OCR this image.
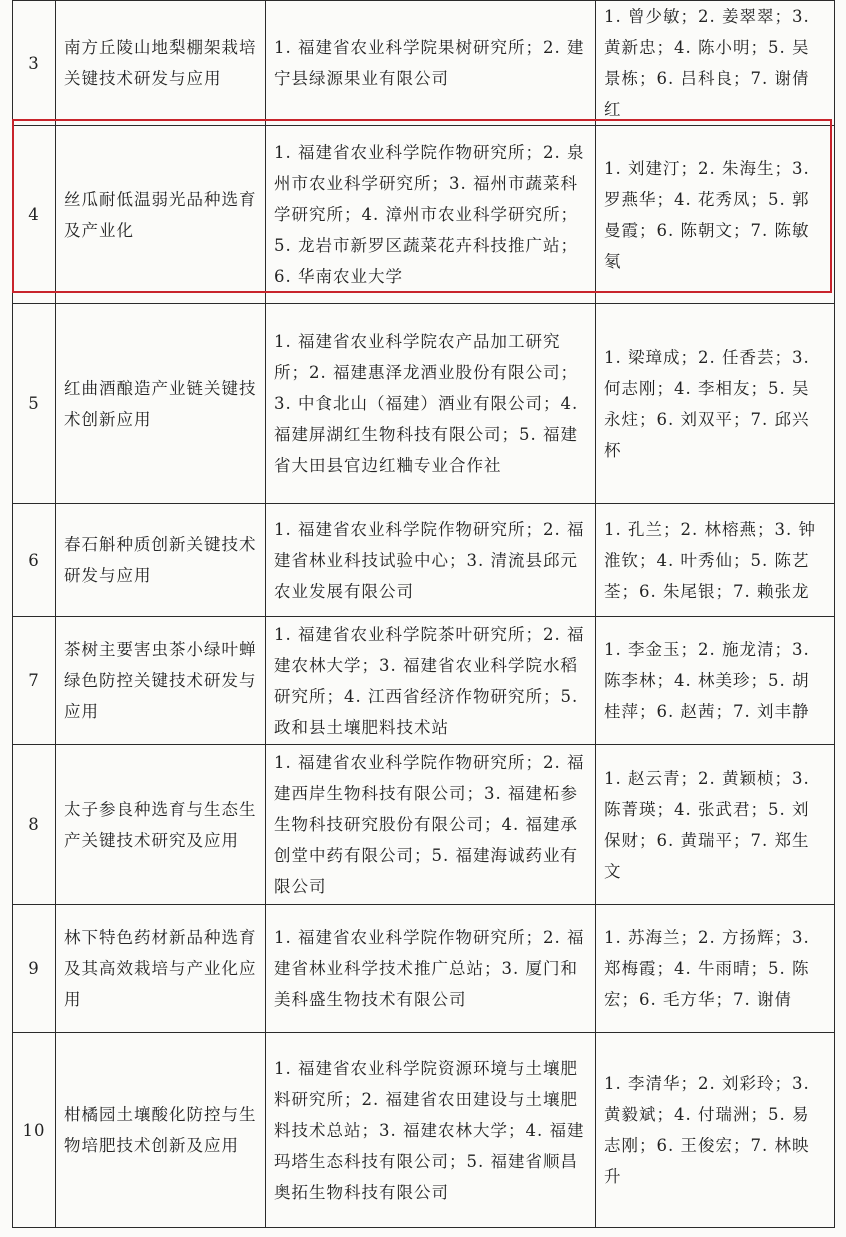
3	南方丘陵山地梨棚架栽培关键技术研发与应用	1. 福建省农业科学院果树研究所；2. 建宁县绿源果业有限公司	1. 曾少敏；2. 姜翠翠；3. 黄新忠；4. 陈小明；5. 吴景栋；6. 吕科良；7. 谢倩红
4	丝瓜耐低温弱光品种选育及产业化	1. 福建省农业科学院作物研究所；2. 泉州市农业科学研究所；3. 福州市蔬菜科学研究所；4. 漳州市农业科学研究所；5. 龙岩市新罗区蔬菜花卉科技推广站；6. 华南农业大学	1. 刘建汀；2. 朱海生；3. 罗燕华；4. 花秀凤；5. 郭曼霞；6. 陈朝文；7. 陈敏氡
5	红曲酒酿造产业链关键技术创新应用	1. 福建省农业科学院农产品加工研究所；2. 福建惠泽龙酒业股份有限公司；3. 中食北山（福建）酒业有限公司；4. 福建屏湖红生物科技有限公司；5. 福建省大田县官边红粬专业合作社	1. 梁璋成；2. 任香芸；3. 何志刚；4. 李相友；5. 吴永炷；6. 刘双平；7. 邱兴杯
6	春石斛种质创新关键技术研发与应用	1. 福建省农业科学院作物研究所；2. 福建省林业科技试验中心；3. 清流县邱元农业发展有限公司	1. 孔兰；2. 林榕燕；3. 钟淮钦；4. 叶秀仙；5. 陈艺荃；6. 朱尾银；7. 赖张龙
7	茶树主要害虫茶小绿叶蝉绿色防控关键技术研发与应用	1. 福建省农业科学院茶叶研究所；2. 福建农林大学；3. 福建省农业科学院水稻研究所；4. 江西省经济作物研究所；5. 政和县土壤肥料技术站	1. 李金玉；2. 施龙清；3. 陈李林；4. 林美珍；5. 胡桂萍；6. 赵茜；7. 刘丰静
8	太子参良种选育与生态生产关键技术研究及应用	1. 福建省农业科学院作物研究所；2. 福建西岸生物科技有限公司；3. 福建柘参生物科技研究股份有限公司；4. 福建承创堂中药有限公司；5. 福建海诚药业有限公司	1. 赵云青；2. 黄颖桢；3. 陈菁瑛；4. 张武君；5. 刘保财；6. 黄瑞平；7. 郑生文
9	林下特色药材新品种选育及其高效栽培与产业化应用	1. 福建省农业科学院作物研究所；2. 福建省林业科学技术推广总站；3. 厦门和美科盛生物技术有限公司	1. 苏海兰；2. 方扬辉；3. 郑梅霞；4. 牛雨晴；5. 陈宏；6. 毛方华；7. 谢倩
10	柑橘园土壤酸化防控与生物培肥技术创新及应用	1. 福建省农业科学院资源环境与土壤肥料研究所；2. 福建省农田建设与土壤肥料技术总站；3. 福建农林大学；4. 福建玛塔生态科技有限公司；5. 福建省顺昌奥拓生物科技有限公司	1. 李清华；2. 刘彩玲；3. 黄毅斌；4. 付瑞洲；5. 易志刚；6. 王俊宏；7. 林映升
